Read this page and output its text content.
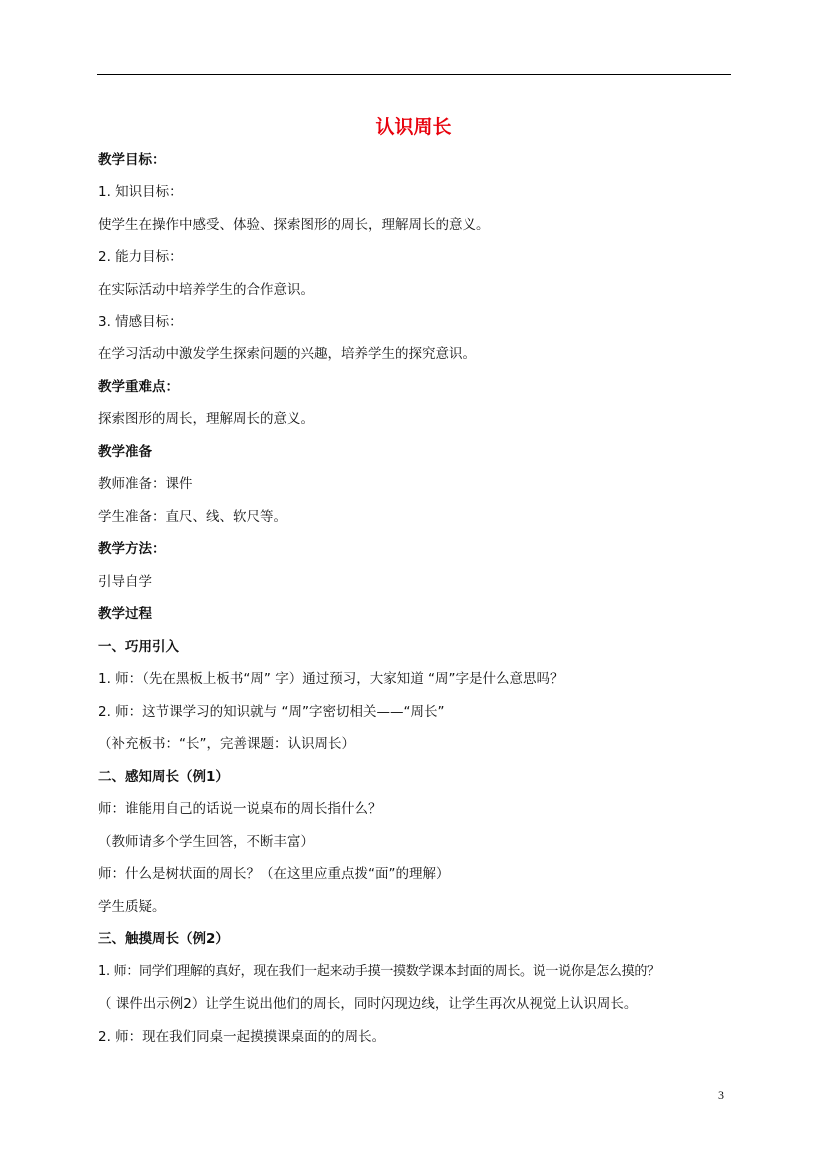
认识周长
教学目标：
1. 知识目标：
使学生在操作中感受、体验、探索图形的周长，理解周长的意义。
2. 能力目标：
在实际活动中培养学生的合作意识。
3. 情感目标：
在学习活动中激发学生探索问题的兴趣，培养学生的探究意识。
教学重难点：
探索图形的周长，理解周长的意义。
教学准备
教师准备：课件
学生准备：直尺、线、软尺等。
教学方法：
引导自学
教学过程
一、巧用引入
1. 师：（先在黑板上板书“周” 字）通过预习，大家知道 “周”字是什么意思吗？
2. 师：这节课学习的知识就与 “周”字密切相关——“周长”
（补充板书：“长”，完善课题：认识周长）
二、感知周长（例1）
师：谁能用自己的话说一说桌布的周长指什么？
（教师请多个学生回答，不断丰富）
师：什么是树状面的周长？（在这里应重点拨“面”的理解）
学生质疑。
三、触摸周长（例2）
1. 师：同学们理解的真好，现在我们一起来动手摸一摸数学课本封面的周长。说一说你是怎么摸的？
（ 课件出示例2）让学生说出他们的周长，同时闪现边线，让学生再次从视觉上认识周长。
2. 师：现在我们同桌一起摸摸课桌面的的周长。
3
